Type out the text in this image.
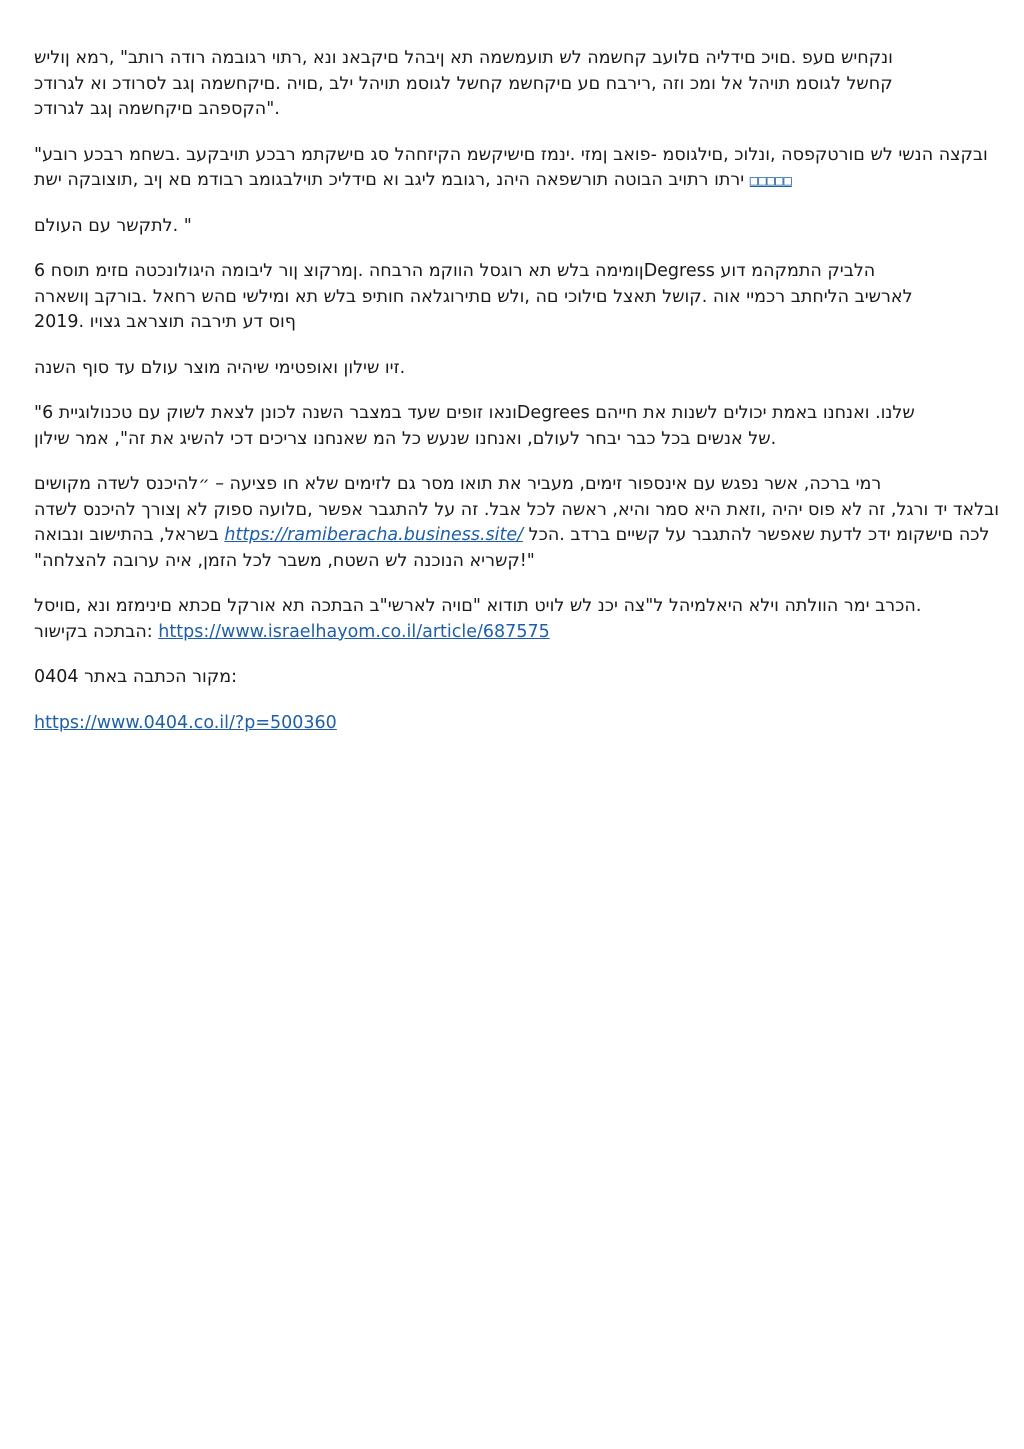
ונקחיש םעפ .םויכ םידליה םלועב קחשמה לש תועמשמה תא ןיבהל םיקבאנ ונא ,רתוי רגובמה רודה רותב" ,רמא ןוליש
קחשל לגוסמ תויהל אל ומכ וזה ,רירבח םע םיקחשמ קחשל לגוסמ תויהל ילב ,םויה .םיקחשמה ןגב לסרודכ וא לגרודכ
הקספהב םיקחשמה ןגב לגרודכ".
"ובקצה הנשי לש םורטקפסה ,ונלוכ ,םילגוסמ -פואב ןמזי .ינמז םישיקשמ הקיזחהל סג םישקתמ רבכע תויבקעב .בשחמ רבכע רובע
ירתו רתויב הבוטה תורשפאה היהנ ,רגובמ ליגב וא םידליכ תוילבגומב רבודמ םא ןיב ,תוצובקה ישת □□□□□
לתקשר עם העולם. "
ןומימה בלש תא רוגסל הווקמ הרבחה .ןמרקוצ ןור ליבומה היגולונכטה םזימ תוסח 6Degress הלביק התמקהמ דוע
לארשיב הליחתב רכמיי אוה .קושל תאצל םילוכי םה ,ולש םתירוגלאה חותיפ בלש תא ומילשי םהש רחאל .בורקב ןושארה
2019. ףוס דע תירבה תוצראב גצויו
זיו שילון ואופטימי שיהיה מוצר עולם עד סוף השנה.
"ונאו זופים שעד במצבר השנה לכונן לצאת לשוק עם טכנולוגיית 6Degrees שלנו. ואנחנו באמת יכולים לשנות את חייהם
של אנשים בכל כבר יבחר לעולם, ואנחנו שנעש כל המ שאנחנו צריכים דכי להשיג את זה", אמר שילון.
רמי ברכה, אשר נפגש עם אינספור זימים, מעביר את תואו מסר גם לזימים שלא חו פציעה – ״להיכנס לשדה מקושים
ובלאד יד ורגל, זה לא פוס יהיה ,וזאת היא סמר והיא, ראשה לכל אבל. זה על להתגבר אפשר ,םלועה ספוק לא ןצורך להיכנס לשדה
בשראל, בהתישוב ונבואה https://ramiberacha.business.site/	לכה םישקומ ידכ לדעת שאפשר להתגבר על קשיים ברדב .הכל
"קשריא הנוכנה לש השטח, משבר לכל הזמן, איה ערובה להצלחה!"
הכרב ימר הוולתה וילא היאלמיהל ל"צה יכנ לש לויט תודוא "םויה לארשי"ב הבתכה תא אורקל םכתא םינימזמ ונא ,םויסל.
הבתכה בקישור: https://www.israelhayom.co.il/article/687575
מקור הכתבה באתר 0404:
https://www.0404.co.il/?p=500360
